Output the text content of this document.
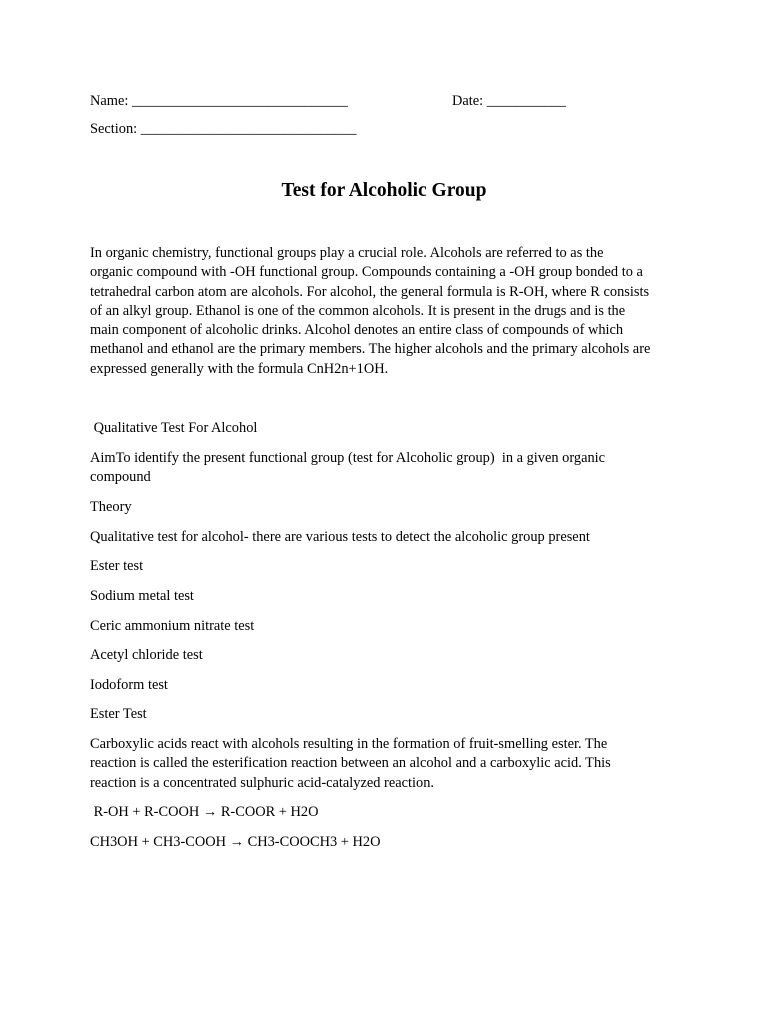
Name: ______________________________	Date: ___________
Section: ______________________________
Test for Alcoholic Group
In organic chemistry, functional groups play a crucial role. Alcohols are referred to as the
organic compound with -OH functional group. Compounds containing a -OH group bonded to a
tetrahedral carbon atom are alcohols. For alcohol, the general formula is R-OH, where R consists
of an alkyl group. Ethanol is one of the common alcohols. It is present in the drugs and is the
main component of alcoholic drinks. Alcohol denotes an entire class of compounds of which
methanol and ethanol are the primary members. The higher alcohols and the primary alcohols are
expressed generally with the formula CnH2n+1OH.
Qualitative Test For Alcohol
AimTo identify the present functional group (test for Alcoholic group)  in a given organic
compound
Theory
Qualitative test for alcohol- there are various tests to detect the alcoholic group present
Ester test
Sodium metal test
Ceric ammonium nitrate test
Acetyl chloride test
Iodoform test
Ester Test
Carboxylic acids react with alcohols resulting in the formation of fruit-smelling ester. The
reaction is called the esterification reaction between an alcohol and a carboxylic acid. This
reaction is a concentrated sulphuric acid-catalyzed reaction.
R-OH + R-COOH → R-COOR + H2O
CH3OH + CH3-COOH → CH3-COOCH3 + H2O
